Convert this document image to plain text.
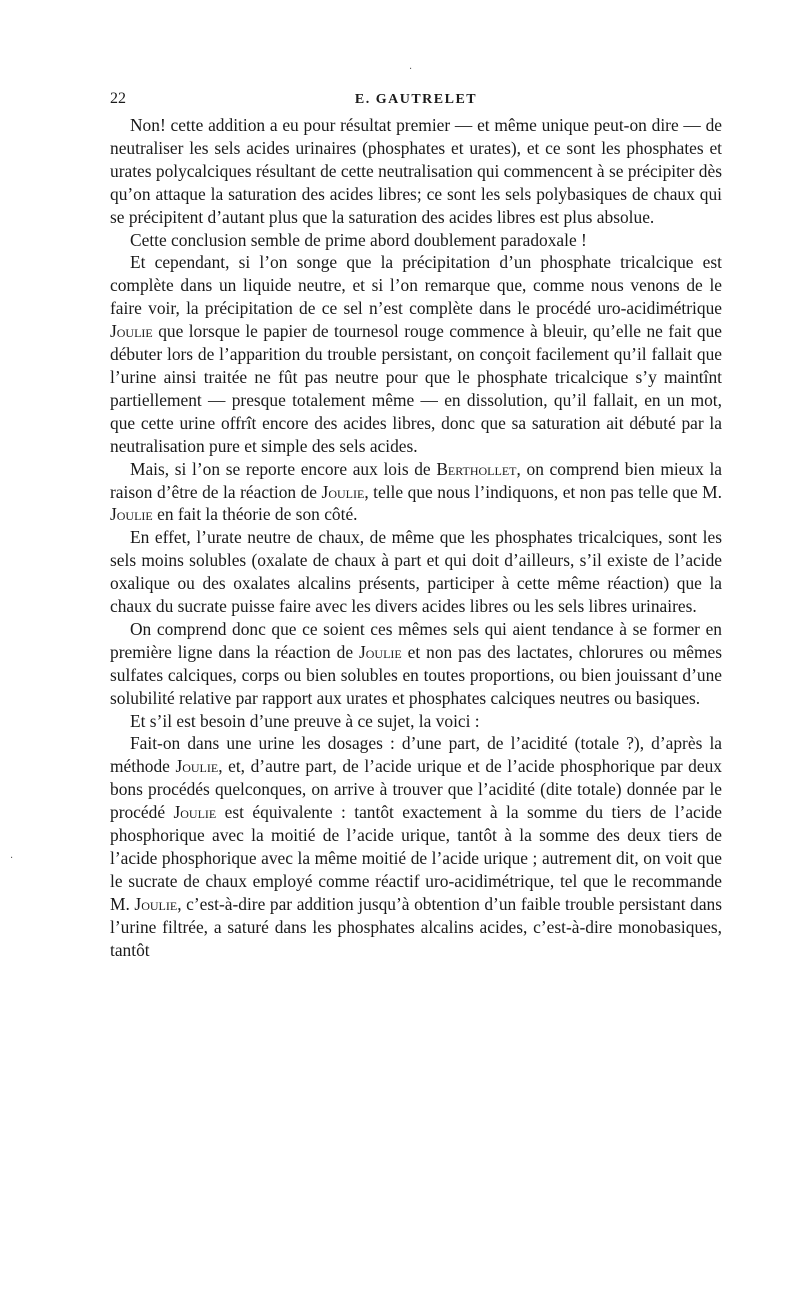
22	E. GAUTRELET

Non! cette addition a eu pour résultat premier — et même unique peut-on dire — de neutraliser les sels acides urinaires (phosphates et urates), et ce sont les phosphates et urates polycalciques résultant de cette neutralisation qui commencent à se précipiter dès qu’on attaque la saturation des acides libres; ce sont les sels polybasiques de chaux qui se précipitent d’autant plus que la saturation des acides libres est plus absolue.

Cette conclusion semble de prime abord doublement paradoxale !

Et cependant, si l’on songe que la précipitation d’un phosphate tricalcique est complète dans un liquide neutre, et si l’on remarque que, comme nous venons de le faire voir, la précipitation de ce sel n’est complète dans le procédé uro-acidimétrique Joulie que lorsque le papier de tournesol rouge commence à bleuir, qu’elle ne fait que débuter lors de l’apparition du trouble persistant, on conçoit facilement qu’il fallait que l’urine ainsi traitée ne fût pas neutre pour que le phosphate tricalcique s’y maintînt partiellement — presque totalement même — en dissolution, qu’il fallait, en un mot, que cette urine offrît encore des acides libres, donc que sa saturation ait débuté par la neutralisation pure et simple des sels acides.

Mais, si l’on se reporte encore aux lois de Berthollet, on comprend bien mieux la raison d’être de la réaction de Joulie, telle que nous l’indiquons, et non pas telle que M. Joulie en fait la théorie de son côté.

En effet, l’urate neutre de chaux, de même que les phosphates tricalciques, sont les sels moins solubles (oxalate de chaux à part et qui doit d’ailleurs, s’il existe de l’acide oxalique ou des oxalates alcalins présents, participer à cette même réaction) que la chaux du sucrate puisse faire avec les divers acides libres ou les sels libres urinaires.

On comprend donc que ce soient ces mêmes sels qui aient tendance à se former en première ligne dans la réaction de Joulie et non pas des lactates, chlorures ou mêmes sulfates calciques, corps ou bien solubles en toutes proportions, ou bien jouissant d’une solubilité relative par rapport aux urates et phosphates calciques neutres ou basiques.

Et s’il est besoin d’une preuve à ce sujet, la voici :

Fait-on dans une urine les dosages : d’une part, de l’acidité (totale ?), d’après la méthode Joulie, et, d’autre part, de l’acide urique et de l’acide phosphorique par deux bons procédés quelconques, on arrive à trouver que l’acidité (dite totale) donnée par le procédé Joulie est équivalente : tantôt exactement à la somme du tiers de l’acide phosphorique avec la moitié de l’acide urique, tantôt à la somme des deux tiers de l’acide phosphorique avec la même moitié de l’acide urique ; autrement dit, on voit que le sucrate de chaux employé comme réactif uro-acidimétrique, tel que le recommande M. Joulie, c’est-à-dire par addition jusqu’à obtention d’un faible trouble persistant dans l’urine filtrée, a saturé dans les phosphates alcalins acides, c’est-à-dire monobasiques, tantôt

·
·
